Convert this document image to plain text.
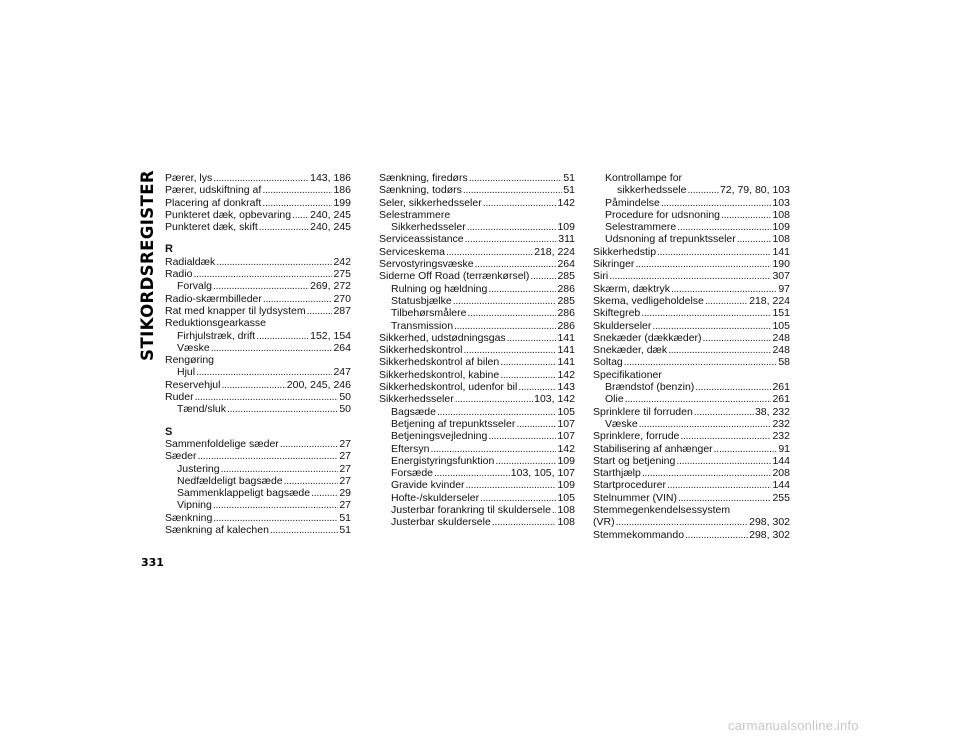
STIKORDSREGISTER
331
Pærer, lys . . .	143, 186
Pærer, udskiftning af . . .	186
Placering af donkraft . . .	199
Punkteret dæk, opbevaring . . . 240, 245
Punkteret dæk, skift . . .	240, 245
R
Radialdæk . . .	242
Radio . . .	275
Forvalg . . .	269, 272
Radio-skærmbilleder . . .	270
Rat med knapper til lydsystem . . .	287
Reduktionsgearkasse
Firhjulstræk, drift . . .	152, 154
Væske . . .	264
Rengøring
Hjul . . .	247
Reservehjul . . .	200, 245, 246
Ruder . . .	50
Tænd/sluk . . .	50
S
Sammenfoldelige sæder . . .	27
Sæder . . .	27
Justering . . .	27
Nedfældeligt bagsæde . . .	27
Sammenklappeligt bagsæde . . .	29
Vipning . . .	27
Sænkning . . .	51
Sænkning af kalechen . . .	51
Sænkning, firedørs . . .	51
Sænkning, todørs . . .	51
Seler, sikkerhedsseler . . .	142
Selestrammere
Sikkerhedsseler . . .	109
Serviceassistance . . .	311
Serviceskema . . .	218, 224
Servostyringsvæske . . .	264
Siderne Off Road (terrænkørsel) . . .	285
Rulning og hældning . . .	286
Statusbjælke . . .	285
Tilbehørsmålere . . .	286
Transmission . . .	286
Sikkerhed, udstødningsgas . . .	141
Sikkerhedskontrol . . .	141
Sikkerhedskontrol af bilen . . .	141
Sikkerhedskontrol, kabine . . .	142
Sikkerhedskontrol, udenfor bil . . .	143
Sikkerhedsseler . . .	103, 142
Bagsæde . . .	105
Betjening af trepunktsseler . . .	107
Betjeningsvejledning . . .	107
Eftersyn . . .	142
Energistyringsfunktion . . .	109
Forsæde . . .	103, 105, 107
Gravide kvinder . . .	109
Hofte-/skulderseler . . .	105
Justerbar forankring til skuldersele . . . 108
Justerbar skuldersele . . .	108
Kontrollampe for
sikkerhedssele . . .	72, 79, 80, 103
Påmindelse . . .	103
Procedure for udsnoning . . .	108
Selestrammere . . .	109
Udsnoning af trepunktsseler . . .	108
Sikkerhedstip . . .	141
Sikringer . . .	190
Siri . . .	307
Skærm, dæktryk . . .	97
Skema, vedligeholdelse . . .	218, 224
Skiftegreb . . .	151
Skulderseler . . .	105
Snekæder (dækkæder) . . .	248
Snekæder, dæk . . .	248
Soltag . . .	58
Specifikationer
Brændstof (benzin) . . .	261
Olie . . .	261
Sprinklere til forruden . . .	38, 232
Væske . . .	232
Sprinklere, forrude . . .	232
Stabilisering af anhænger . . .	91
Start og betjening . . .	144
Starthjælp . . .	208
Startprocedurer . . .	144
Stelnummer (VIN) . . .	255
Stemmegenkendelsessystem
(VR) . . .	298, 302
Stemmekommando . . .	298, 302
carmanualsonline.info
